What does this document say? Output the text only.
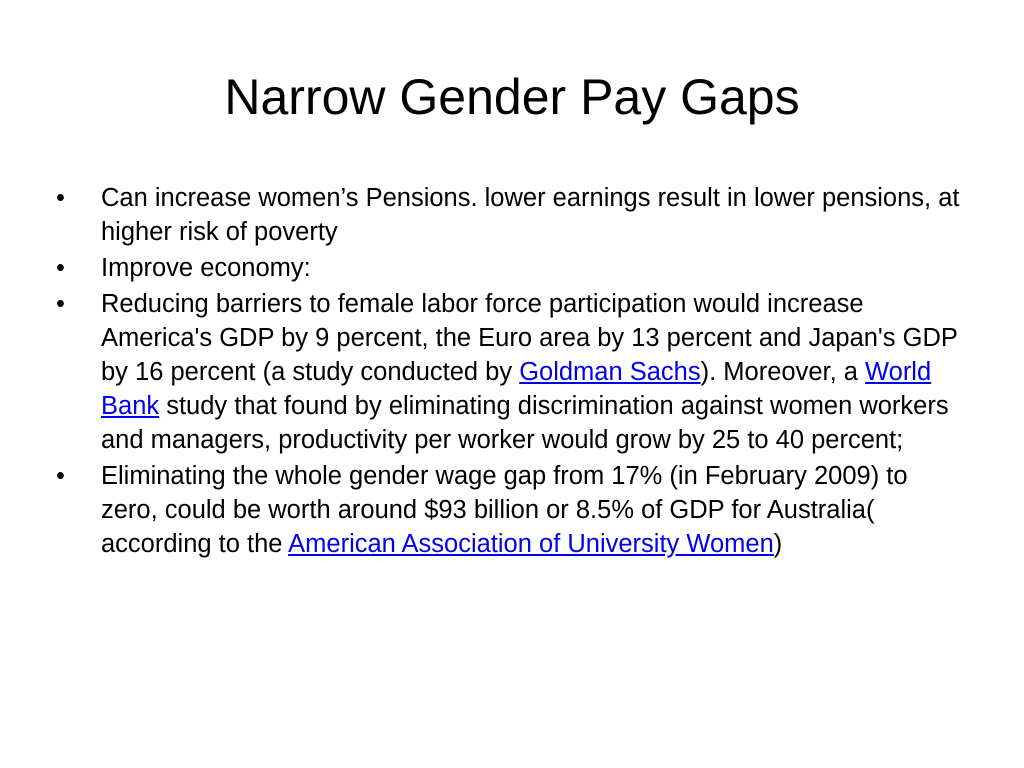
Narrow Gender Pay Gaps
•	Can increase women’s Pensions. lower earnings result in lower pensions, at higher risk of poverty
•	Improve economy:
•	Reducing barriers to female labor force participation would increase America's GDP by 9 percent, the Euro area by 13 percent and Japan's GDP by 16 percent (a study conducted by Goldman Sachs). Moreover, a World Bank study that found by eliminating discrimination against women workers and managers, productivity per worker would grow by 25 to 40 percent;
•	Eliminating the whole gender wage gap from 17% (in February 2009) to zero, could be worth around $93 billion or 8.5% of GDP for Australia( according to the American Association of University Women)
